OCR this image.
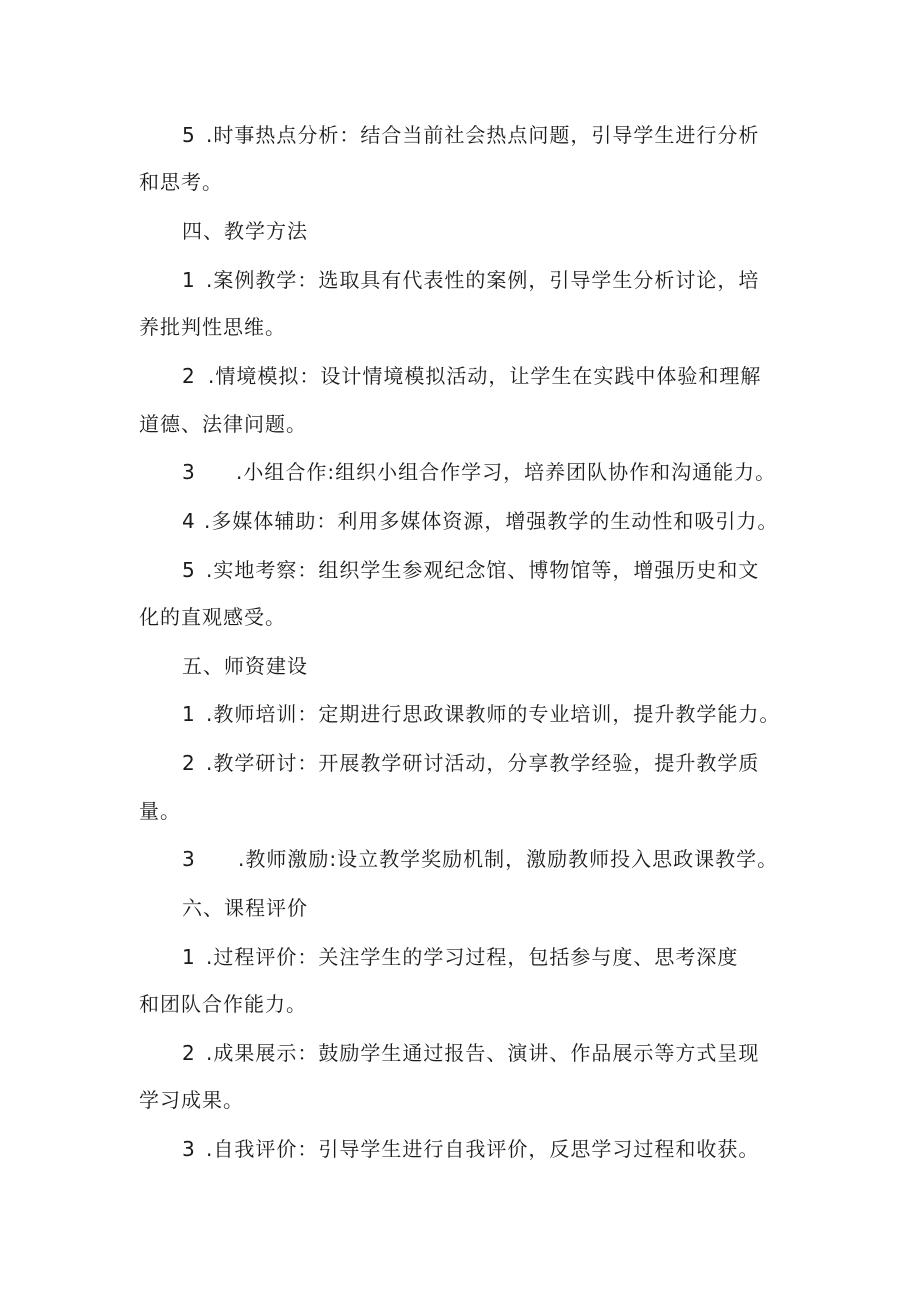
5 .时事热点分析：结合当前社会热点问题，引导学生进行分析
和思考。
四、教学方法
1 .案例教学：选取具有代表性的案例，引导学生分析讨论，培
养批判性思维。
2 .情境模拟：设计情境模拟活动，让学生在实践中体验和理解
道德、法律问题。
3 .小组合作:组织小组合作学习，培养团队协作和沟通能力。
4 .多媒体辅助：利用多媒体资源，增强教学的生动性和吸引力。
5 .实地考察：组织学生参观纪念馆、博物馆等，增强历史和文
化的直观感受。
五、师资建设
1 .教师培训：定期进行思政课教师的专业培训，提升教学能力。
2 .教学研讨：开展教学研讨活动，分享教学经验，提升教学质
量。
3 .教师激励:设立教学奖励机制，激励教师投入思政课教学。
六、课程评价
1 .过程评价：关注学生的学习过程，包括参与度、思考深度
和团队合作能力。
2 .成果展示：鼓励学生通过报告、演讲、作品展示等方式呈现
学习成果。
3 .自我评价：引导学生进行自我评价，反思学习过程和收获。
